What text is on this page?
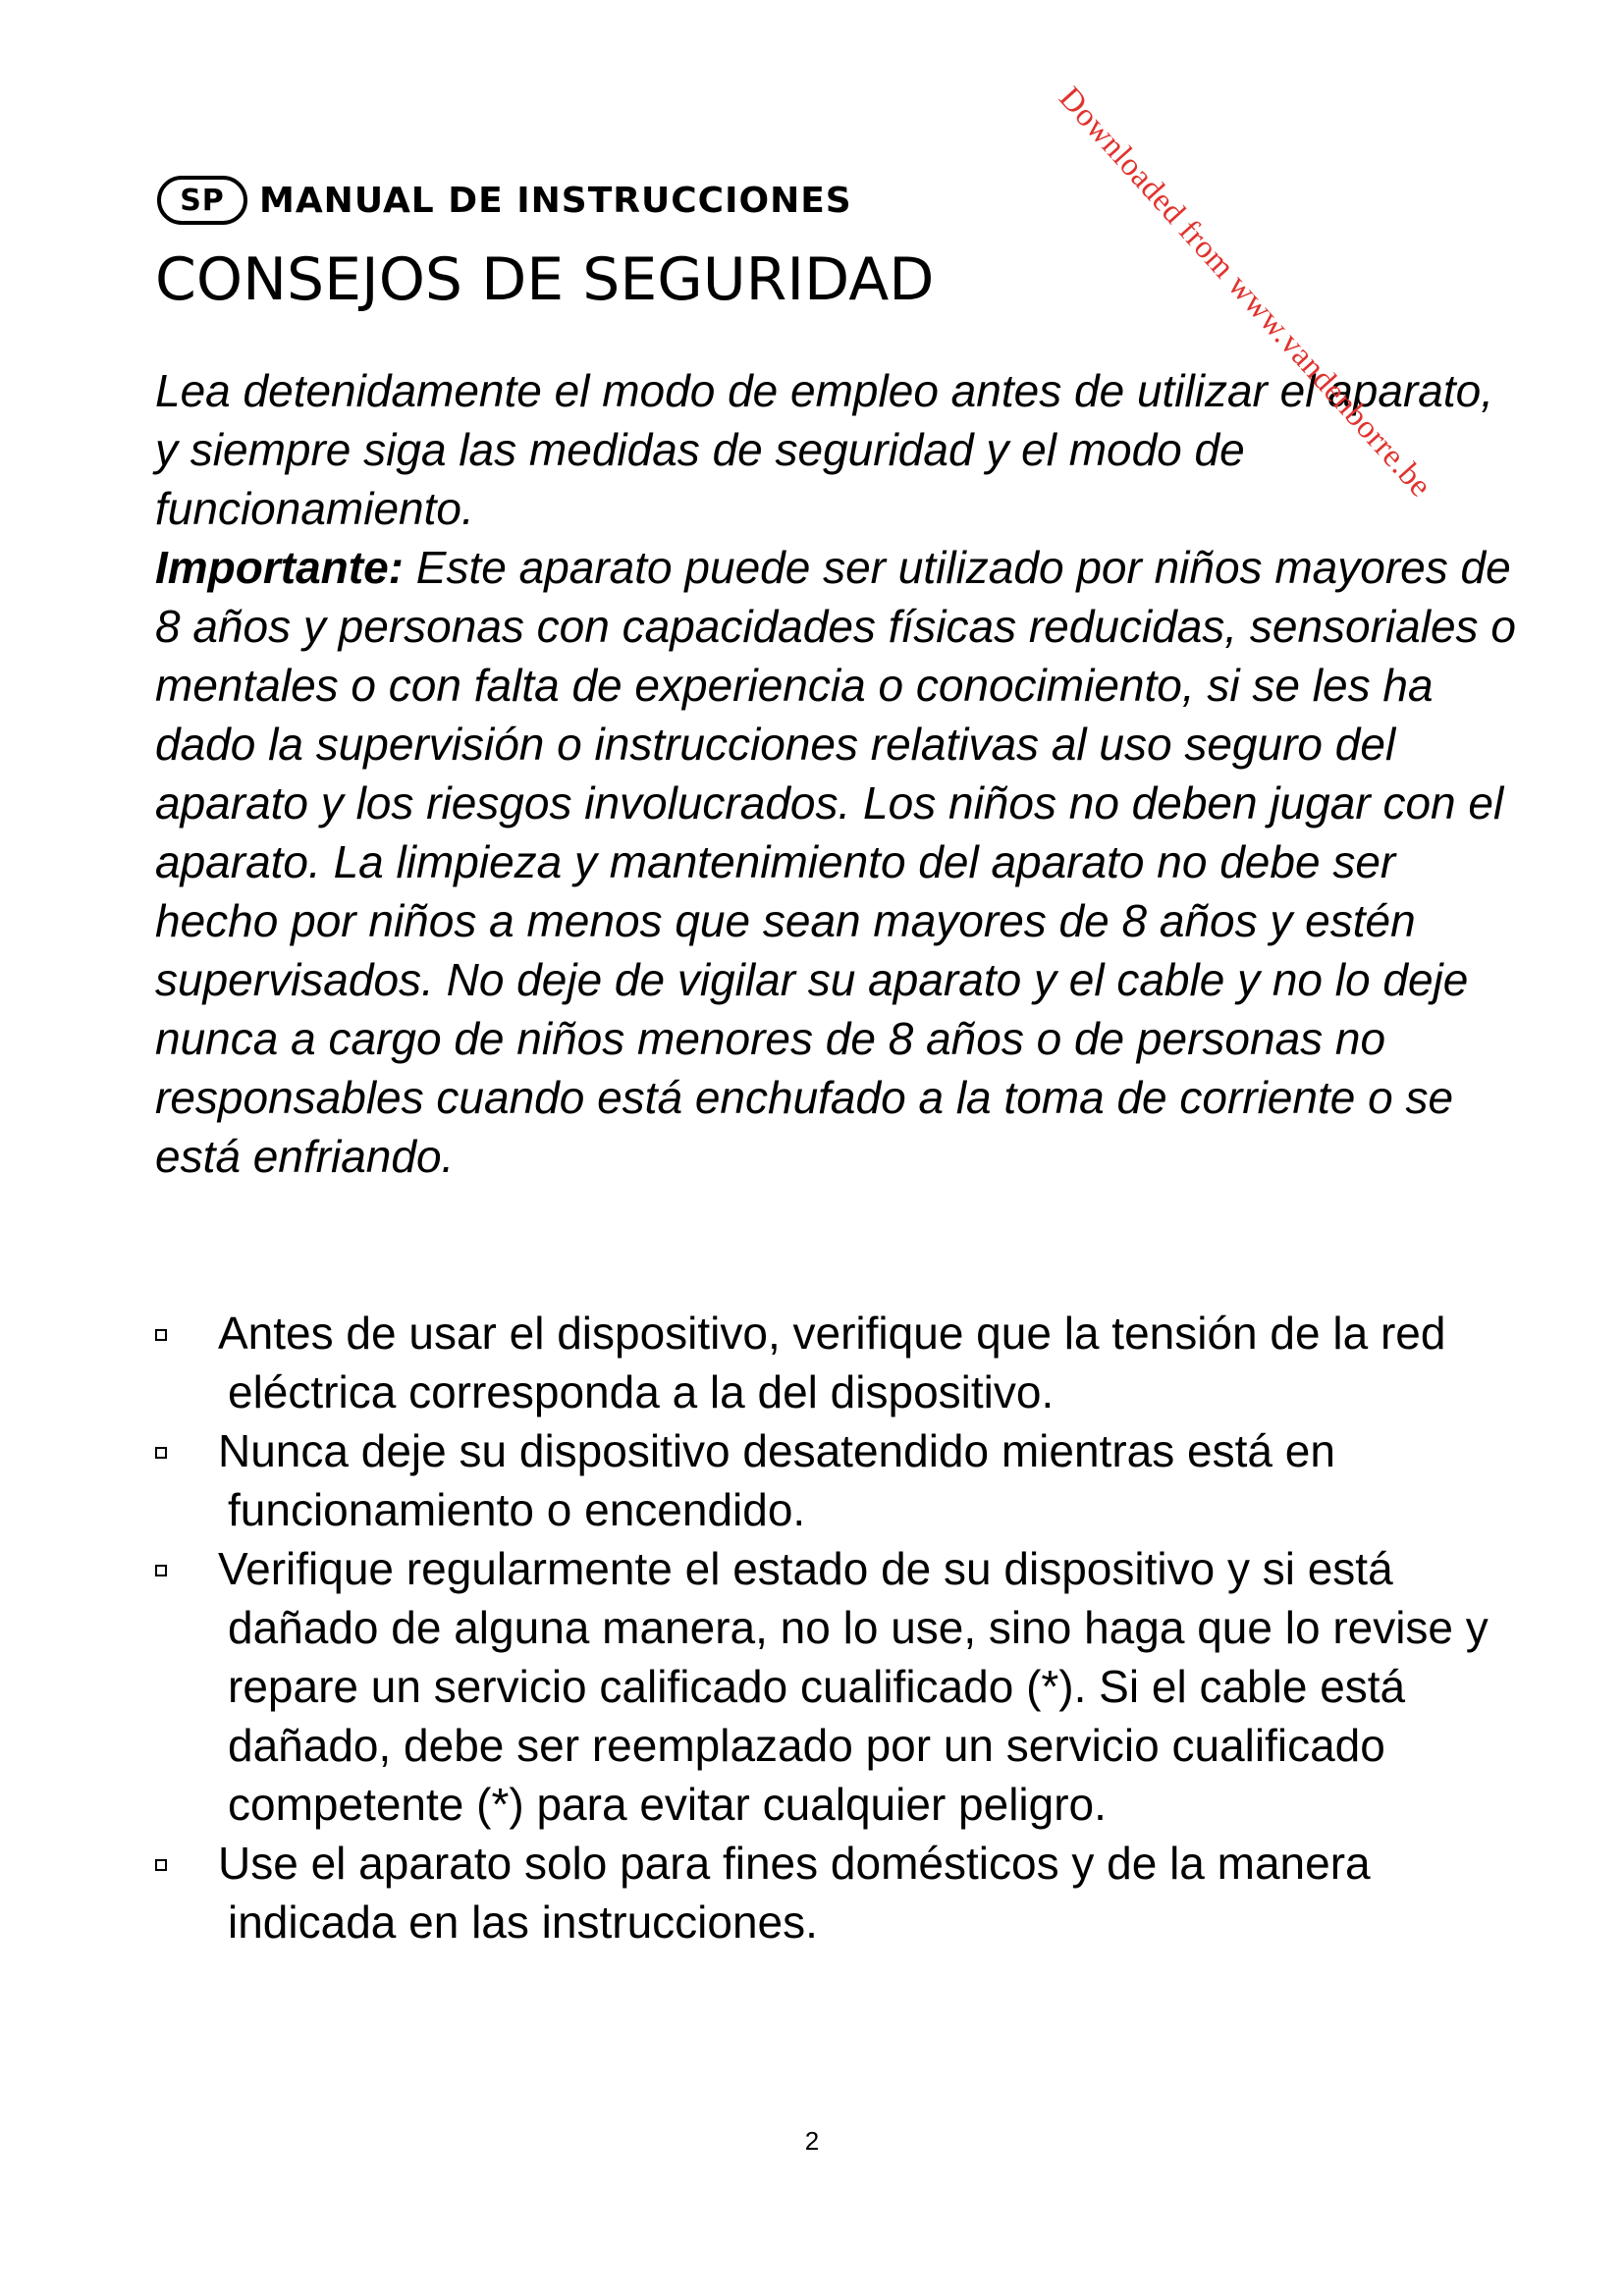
SP MANUAL DE INSTRUCCIONES
CONSEJOS DE SEGURIDAD

Lea detenidamente el modo de empleo antes de utilizar el aparato, y siempre siga las medidas de seguridad y el modo de funcionamiento.

Importante: Este aparato puede ser utilizado por niños mayores de 8 años y personas con capacidades físicas reducidas, sensoriales o mentales o con falta de experiencia o conocimiento, si se les ha dado la supervisión o instrucciones relativas al uso seguro del aparato y los riesgos involucrados. Los niños no deben jugar con el aparato. La limpieza y mantenimiento del aparato no debe ser hecho por niños a menos que sean mayores de 8 años y estén supervisados. No deje de vigilar su aparato y el cable y no lo deje nunca a cargo de niños menores de 8 años o de personas no responsables cuando está enchufado a la toma de corriente o se está enfriando.

Antes de usar el dispositivo, verifique que la tensión de la red eléctrica corresponda a la del dispositivo.
Nunca deje su dispositivo desatendido mientras está en funcionamiento o encendido.
Verifique regularmente el estado de su dispositivo y si está dañado de alguna manera, no lo use, sino haga que lo revise y repare un servicio calificado cualificado (*). Si el cable está dañado, debe ser reemplazado por un servicio cualificado competente (*) para evitar cualquier peligro.
Use el aparato solo para fines domésticos y de la manera indicada en las instrucciones.
2
Downloaded from www.vandenborre.be
